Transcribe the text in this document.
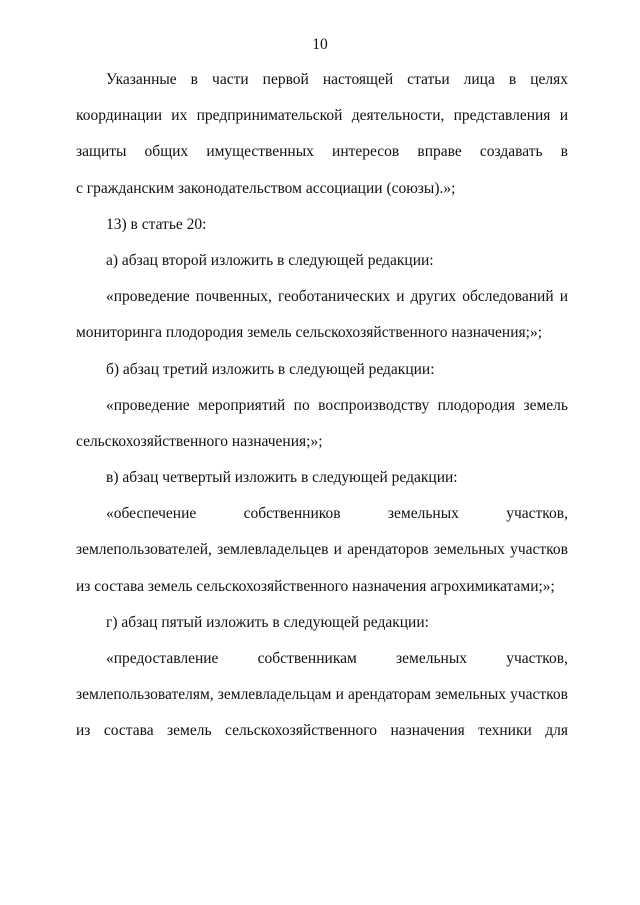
10
Указанные в части первой настоящей статьи лица в целях
координации их предпринимательской деятельности, представления и
защиты общих имущественных интересов вправе создавать в
с гражданским законодательством ассоциации (союзы).»;
13) в статье 20:
а) абзац второй изложить в следующей редакции:
«проведение почвенных, геоботанических и других обследований и
мониторинга плодородия земель сельскохозяйственного назначения;»;
б) абзац третий изложить в следующей редакции:
«проведение мероприятий по воспроизводству плодородия земель
сельскохозяйственного назначения;»;
в) абзац четвертый изложить в следующей редакции:
«обеспечение собственников земельных участков,
землепользователей, землевладельцев и арендаторов земельных участков
из состава земель сельскохозяйственного назначения агрохимикатами;»;
г) абзац пятый изложить в следующей редакции:
«предоставление собственникам земельных участков,
землепользователям, землевладельцам и арендаторам земельных участков
из состава земель сельскохозяйственного назначения техники для
